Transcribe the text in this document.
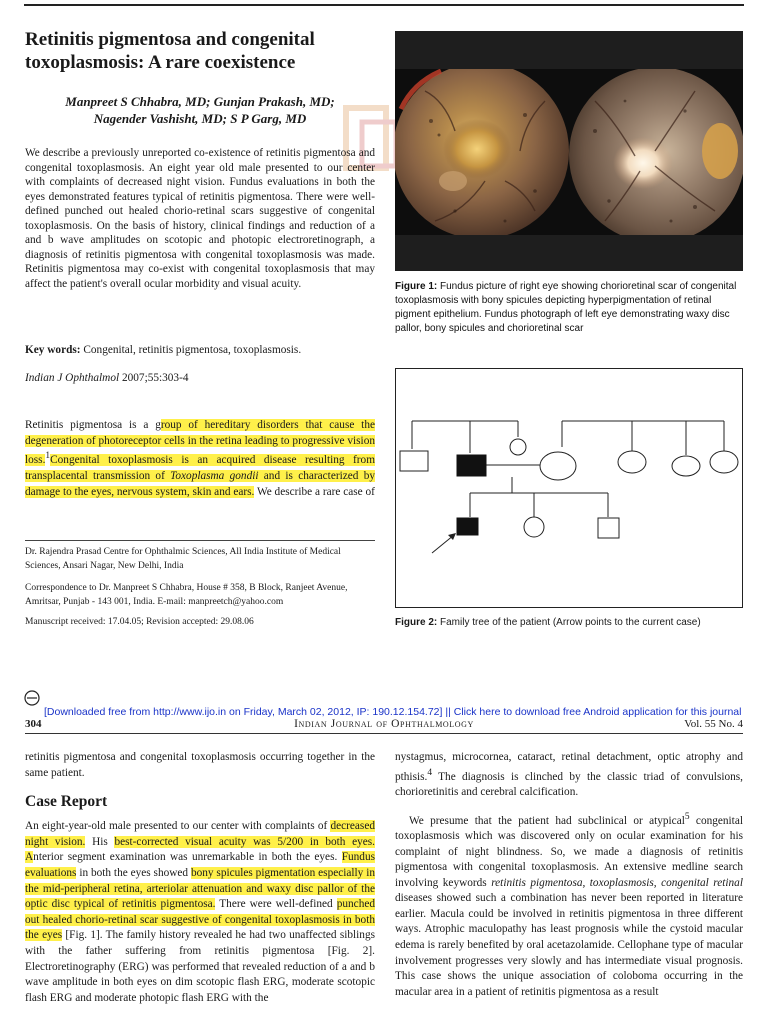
Retinitis pigmentosa and congenital toxoplasmosis: A rare coexistence
Manpreet S Chhabra, MD; Gunjan Prakash, MD;
Nagender Vashisht, MD; S P Garg, MD

We describe a previously unreported co-existence of retinitis pigmentosa and congenital toxoplasmosis. An eight year old male presented to our center with complaints of decreased night vision. Fundus evaluations in both the eyes demonstrated features typical of retinitis pigmentosa. There were well-defined punched out healed chorio-retinal scars suggestive of congenital toxoplasmosis. On the basis of history, clinical findings and reduction of a and b wave amplitudes on scotopic and photopic electroretinograph, a diagnosis of retinitis pigmentosa with congenital toxoplasmosis was made. Retinitis pigmentosa may co-exist with congenital toxoplasmosis that may affect the patient's overall ocular morbidity and visual acuity.

Key words: Congenital, retinitis pigmentosa, toxoplasmosis.

Indian J Ophthalmol 2007;55:303-4

Retinitis pigmentosa is a group of hereditary disorders that cause the degeneration of photoreceptor cells in the retina leading to progressive vision loss.$^1$Congenital toxoplasmosis is an acquired disease resulting from transplacental transmission of Toxoplasma gondii and is characterized by damage to the eyes, nervous system, skin and ears. We describe a rare case of

Dr. Rajendra Prasad Centre for Ophthalmic Sciences, All India Institute of Medical Sciences, Ansari Nagar, New Delhi, India

Correspondence to Dr. Manpreet S Chhabra, House # 358, B Block, Ranjeet Avenue, Amritsar, Punjab - 143 001, India. E-mail: manpreetch@yahoo.com

Manuscript received: 17.04.05; Revision accepted: 29.08.06

Figure 1: Fundus picture of right eye showing chorioretinal scar of congenital toxoplasmosis with bony spicules depicting hyperpigmentation of retinal pigment epithelium. Fundus photograph of left eye demonstrating waxy disc pallor, bony spicules and chorioretinal scar

Figure 2: Family tree of the patient (Arrow points to the current case)

[Downloaded free from http://www.ijo.in on Friday, March 02, 2012, IP: 190.12.154.72] || Click here to download free Android application for this journal

304	Indian Journal of Ophthalmology	Vol. 55 No. 4

retinitis pigmentosa and congenital toxoplasmosis occurring together in the same patient.

Case Report

An eight-year-old male presented to our center with complaints of decreased night vision. His best-corrected visual acuity was 5/200 in both eyes. Anterior segment examination was unremarkable in both the eyes. Fundus evaluations in both the eyes showed bony spicules pigmentation especially in the mid-peripheral retina, arteriolar attenuation and waxy disc pallor of the optic disc typical of retinitis pigmentosa. There were well-defined punched out healed chorio-retinal scar suggestive of congenital toxoplasmosis in both the eyes [Fig. 1]. The family history revealed he had two unaffected siblings with the father suffering from retinitis pigmentosa [Fig. 2]. Electroretinography (ERG) was performed that revealed reduction of a and b wave amplitude in both eyes on dim scotopic flash ERG, moderate scotopic flash ERG and moderate photopic flash ERG with the

nystagmus, microcornea, cataract, retinal detachment, optic atrophy and pthisis.$^4$ The diagnosis is clinched by the classic triad of convulsions, chorioretinitis and cerebral calcification.

We presume that the patient had subclinical or atypical$^5$ congenital toxoplasmosis which was discovered only on ocular examination for his complaint of night blindness. So, we made a diagnosis of retinitis pigmentosa with congenital toxoplasmosis. An extensive medline search involving keywords retinitis pigmentosa, toxoplasmosis, congenital retinal diseases showed such a combination has never been reported in literature earlier. Macula could be involved in retinitis pigmentosa in three different ways. Atrophic maculopathy has least prognosis while the cystoid macular edema is rarely benefited by oral acetazolamide. Cellophane type of macular involvement progresses very slowly and has intermediate visual prognosis. This case shows the unique association of coloboma occurring in the macular area in a patient of retinitis pigmentosa as a result
